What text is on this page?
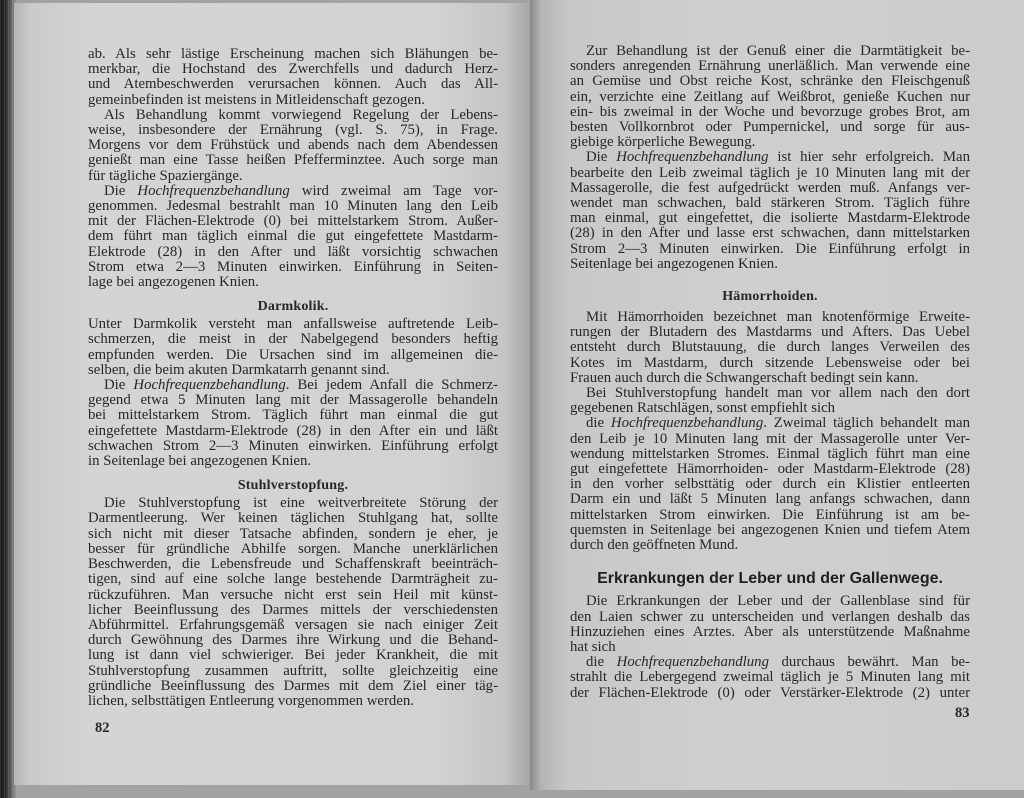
ab. Als sehr lästige Erscheinung machen sich Blähungen be-
merkbar, die Hochstand des Zwerchfells und dadurch Herz-
und Atembeschwerden verursachen können. Auch das All-
gemeinbefinden ist meistens in Mitleidenschaft gezogen.
Als Behandlung kommt vorwiegend Regelung der Lebens-
weise, insbesondere der Ernährung (vgl. S. 75), in Frage.
Morgens vor dem Frühstück und abends nach dem Abendessen
genießt man eine Tasse heißen Pfefferminztee. Auch sorge man
für tägliche Spaziergänge.
Die Hochfrequenzbehandlung wird zweimal am Tage vor-
genommen. Jedesmal bestrahlt man 10 Minuten lang den Leib
mit der Flächen-Elektrode (0) bei mittelstarkem Strom. Außer-
dem führt man täglich einmal die gut eingefettete Mastdarm-
Elektrode (28) in den After und läßt vorsichtig schwachen
Strom etwa 2—3 Minuten einwirken. Einführung in Seiten-
lage bei angezogenen Knien.
Darmkolik.
Unter Darmkolik versteht man anfallsweise auftretende Leib-
schmerzen, die meist in der Nabelgegend besonders heftig
empfunden werden. Die Ursachen sind im allgemeinen die-
selben, die beim akuten Darmkatarrh genannt sind.
Die Hochfrequenzbehandlung. Bei jedem Anfall die Schmerz-
gegend etwa 5 Minuten lang mit der Massagerolle behandeln
bei mittelstarkem Strom. Täglich führt man einmal die gut
eingefettete Mastdarm-Elektrode (28) in den After ein und läßt
schwachen Strom 2—3 Minuten einwirken. Einführung erfolgt
in Seitenlage bei angezogenen Knien.
Stuhlverstopfung.
Die Stuhlverstopfung ist eine weitverbreitete Störung der
Darmentleerung. Wer keinen täglichen Stuhlgang hat, sollte
sich nicht mit dieser Tatsache abfinden, sondern je eher, je
besser für gründliche Abhilfe sorgen. Manche unerklärlichen
Beschwerden, die Lebensfreude und Schaffenskraft beeinträch-
tigen, sind auf eine solche lange bestehende Darmträgheit zu-
rückzuführen. Man versuche nicht erst sein Heil mit künst-
licher Beeinflussung des Darmes mittels der verschiedensten
Abführmittel. Erfahrungsgemäß versagen sie nach einiger Zeit
durch Gewöhnung des Darmes ihre Wirkung und die Behand-
lung ist dann viel schwieriger. Bei jeder Krankheit, die mit
Stuhlverstopfung zusammen auftritt, sollte gleichzeitig eine
gründliche Beeinflussung des Darmes mit dem Ziel einer täg-
lichen, selbsttätigen Entleerung vorgenommen werden.
82
Zur Behandlung ist der Genuß einer die Darmtätigkeit be-
sonders anregenden Ernährung unerläßlich. Man verwende eine
an Gemüse und Obst reiche Kost, schränke den Fleischgenuß
ein, verzichte eine Zeitlang auf Weißbrot, genieße Kuchen nur
ein- bis zweimal in der Woche und bevorzuge grobes Brot, am
besten Vollkornbrot oder Pumpernickel, und sorge für aus-
giebige körperliche Bewegung.
Die Hochfrequenzbehandlung ist hier sehr erfolgreich. Man
bearbeite den Leib zweimal täglich je 10 Minuten lang mit der
Massagerolle, die fest aufgedrückt werden muß. Anfangs ver-
wendet man schwachen, bald stärkeren Strom. Täglich führe
man einmal, gut eingefettet, die isolierte Mastdarm-Elektrode
(28) in den After und lasse erst schwachen, dann mittelstarken
Strom 2—3 Minuten einwirken. Die Einführung erfolgt in
Seitenlage bei angezogenen Knien.
Hämorrhoiden.
Mit Hämorrhoiden bezeichnet man knotenförmige Erweite-
rungen der Blutadern des Mastdarms und Afters. Das Uebel
entsteht durch Blutstauung, die durch langes Verweilen des
Kotes im Mastdarm, durch sitzende Lebensweise oder bei
Frauen auch durch die Schwangerschaft bedingt sein kann.
Bei Stuhlverstopfung handelt man vor allem nach den dort
gegebenen Ratschlägen, sonst empfiehlt sich
die Hochfrequenzbehandlung. Zweimal täglich behandelt man
den Leib je 10 Minuten lang mit der Massagerolle unter Ver-
wendung mittelstarken Stromes. Einmal täglich führt man eine
gut eingefettete Hämorrhoiden- oder Mastdarm-Elektrode (28)
in den vorher selbsttätig oder durch ein Klistier entleerten
Darm ein und läßt 5 Minuten lang anfangs schwachen, dann
mittelstarken Strom einwirken. Die Einführung ist am be-
quemsten in Seitenlage bei angezogenen Knien und tiefem Atem
durch den geöffneten Mund.
Erkrankungen der Leber und der Gallenwege.
Die Erkrankungen der Leber und der Gallenblase sind für
den Laien schwer zu unterscheiden und verlangen deshalb das
Hinzuziehen eines Arztes. Aber als unterstützende Maßnahme
hat sich
die Hochfrequenzbehandlung durchaus bewährt. Man be-
strahlt die Lebergegend zweimal täglich je 5 Minuten lang mit
der Flächen-Elektrode (0) oder Verstärker-Elektrode (2) unter
83
